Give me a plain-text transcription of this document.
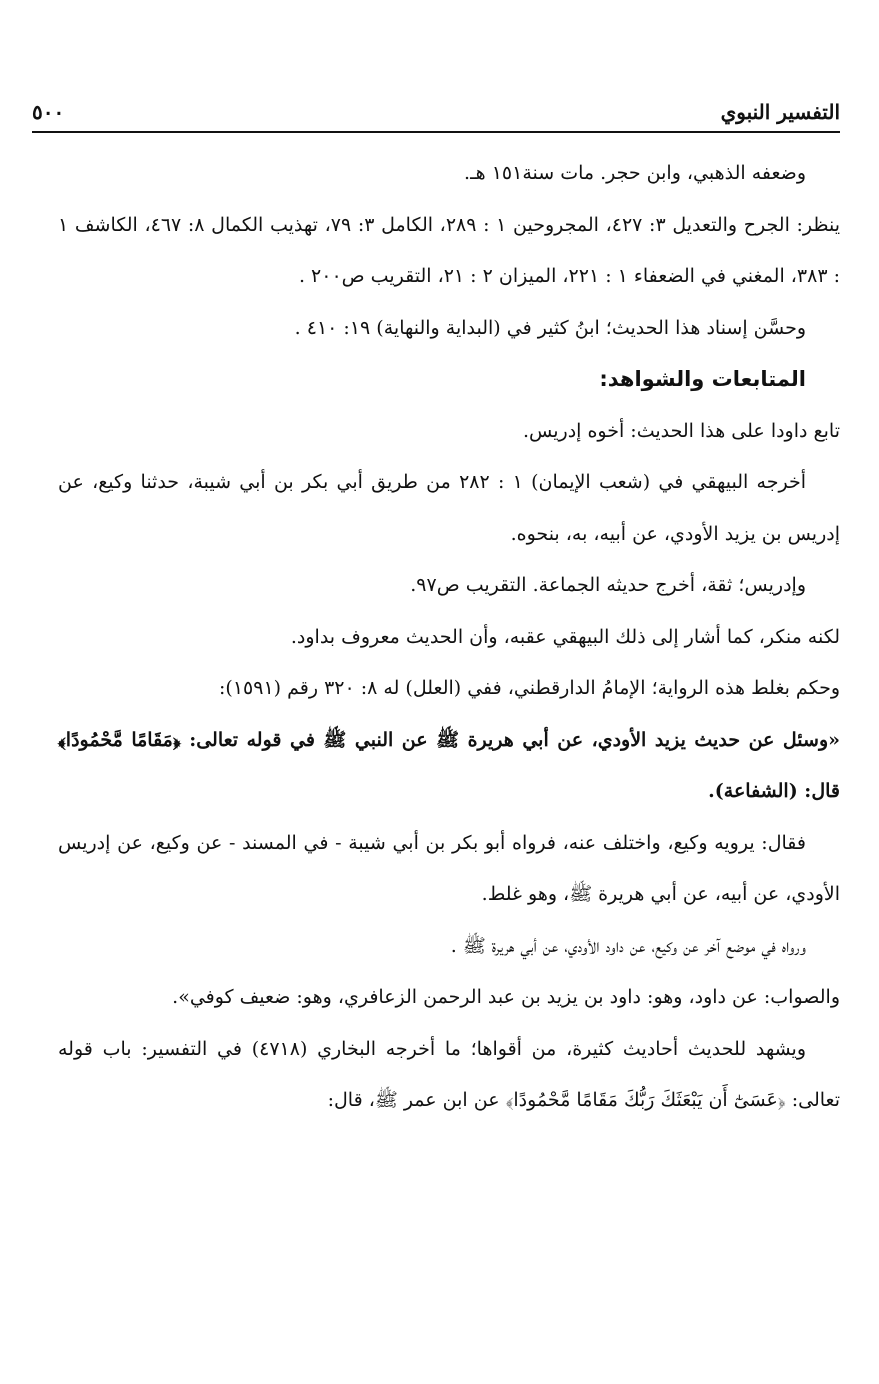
التفسير النبوي
٥٠٠

وضعفه الذهبي، وابن حجر. مات سنة١٥١ هـ.

ينظر: الجرح والتعديل ٣: ٤٢٧، المجروحين ١ : ٢٨٩، الكامل ٣: ٧٩، تهذيب الكمال ٨: ٤٦٧، الكاشف ١ : ٣٨٣، المغني في الضعفاء ١ : ٢٢١، الميزان ٢ : ٢١، التقريب ص٢٠٠ .

وحسَّن إسناد هذا الحديث؛ ابنُ كثير في (البداية والنهاية) ١٩: ٤١٠ .

المتابعات والشواهد:

تابع داودا على هذا الحديث: أخوه إدريس.

أخرجه البيهقي في (شعب الإيمان) ١ : ٢٨٢ من طريق أبي بكر بن أبي شيبة، حدثنا وكيع، عن إدريس بن يزيد الأودي، عن أبيه، به، بنحوه.

وإدريس؛ ثقة، أخرج حديثه الجماعة. التقريب ص٩٧.

لكنه منكر، كما أشار إلى ذلك البيهقي عقبه، وأن الحديث معروف بداود.

وحكم بغلط هذه الرواية؛ الإمامُ الدارقطني، ففي (العلل) له ٨: ٣٢٠ رقم (١٥٩١):

«وسئل عن حديث يزيد الأودي، عن أبي هريرة ﷺ عن النبي ﷺ في قوله تعالى: ﴿مَقَامًا مَّحْمُودًا﴾ قال: (الشفاعة).

فقال: يرويه وكيع، واختلف عنه، فرواه أبو بكر بن أبي شيبة - في المسند - عن وكيع، عن إدريس الأودي، عن أبيه، عن أبي هريرة ﷺ، وهو غلط.

ورواه في موضع آخر عن وكيع، عن داود الأودي، عن أبي هريرة ﷺ .

والصواب: عن داود، وهو: داود بن يزيد بن عبد الرحمن الزعافري، وهو: ضعيف كوفي».

ويشهد للحديث أحاديث كثيرة، من أقواها؛ ما أخرجه البخاري (٤٧١٨) في التفسير: باب قوله تعالى: ﴿عَسَىٰٓ أَن يَبْعَثَكَ رَبُّكَ مَقَامًا مَّحْمُودًا﴾ عن ابن عمر ﷺ، قال:
